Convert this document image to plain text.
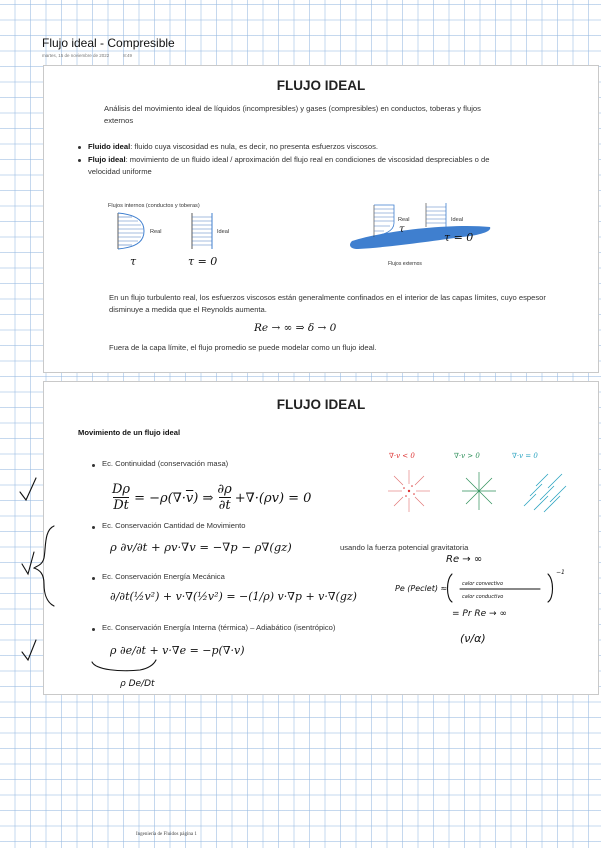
Flujo ideal - Compresible
martes, 15 de noviembre de 2022	8:49
FLUJO IDEAL
Análisis del movimiento ideal de líquidos (incompresibles) y gases (compresibles) en conductos, toberas y flujos externos
Fluido ideal: fluido cuya viscosidad es nula, es decir, no presenta esfuerzos viscosos.
Flujo ideal: movimiento de un fluido ideal / aproximación del flujo real en condiciones de viscosidad despreciables o de velocidad uniforme
Flujos internos (conductos y toberas)
Real	Ideal
τ	τ = 0
Real	Ideal
τ
τ = 0
Flujos externos
En un flujo turbulento real, los esfuerzos viscosos están generalmente confinados en el interior de las capas límites, cuyo espesor disminuye a medida que el Reynolds aumenta.
Re → ∞ ⇒ δ → 0
Fuera de la capa límite, el flujo promedio se puede modelar como un flujo ideal.
FLUJO IDEAL
Movimiento de un flujo ideal
Ec. Continuidad (conservación masa)
$\frac{D\rho}{Dt} = -\rho(\nabla\cdot\overline{v})$ ⇒
∂ρ
∂t +∇·(ρv) = 0
∇·v < 0	∇·v > 0	∇·v = 0
Ec. Conservación Cantidad de Movimiento
ρ ∂v/∂t + ρv·∇v = −∇p − ρ∇(gz)	usando la fuerza potencial gravitatoria
Ec. Conservación Energía Mecánica
∂/∂t(½v²) + v·∇(½v²) = −(1/ρ) v·∇p + v·∇(gz)
Ec. Conservación Energía Interna (térmica) – Adiabático (isentrópico)
ρ ∂e/∂t + v·∇e = −p(∇·v)
Re → ∞
Pe (Peclet) ≈	calor convectivo
calor conductivo
−1
= Pr Re → ∞
(ν/α)
ρ De/Dt
Ingeniería de Fluidos página 1
